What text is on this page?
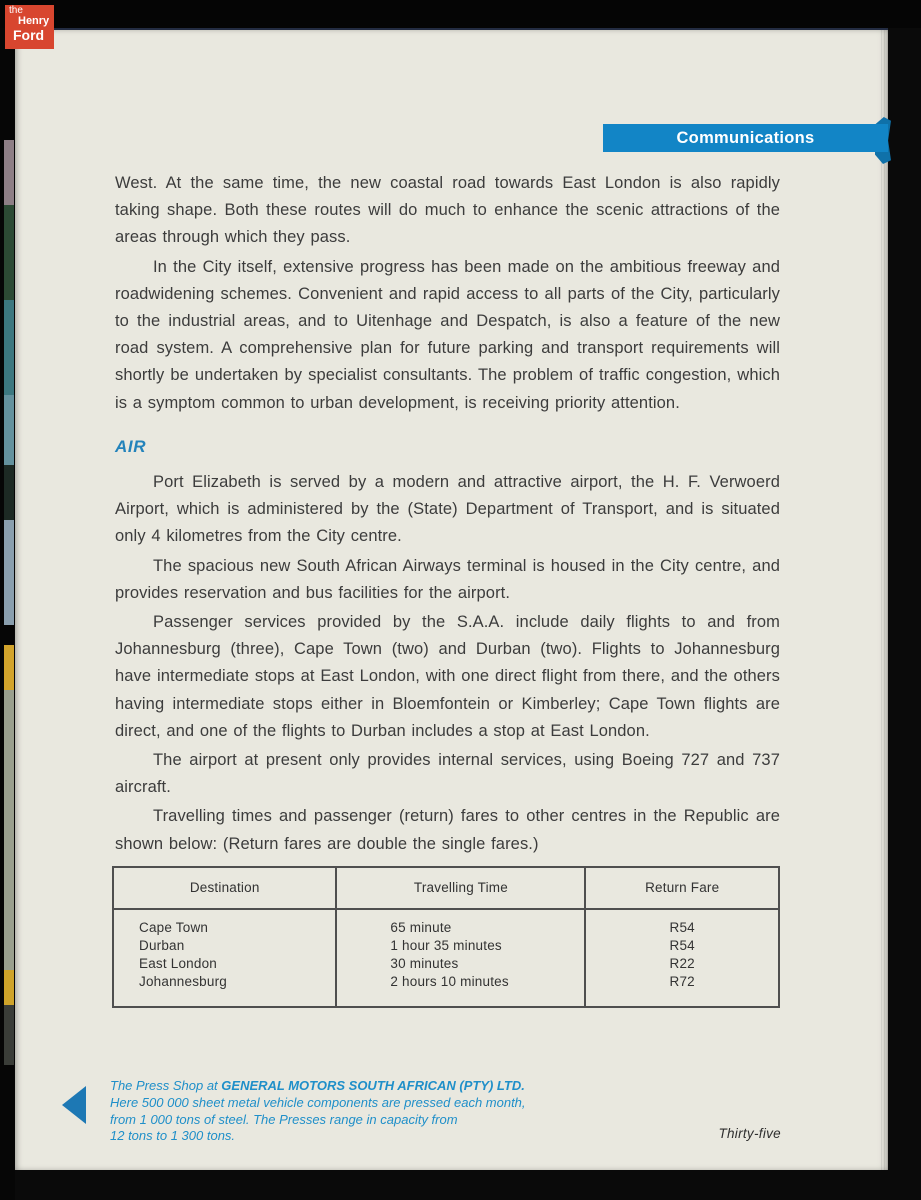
the
Henry
Ford
Communications

West. At the same time, the new coastal road towards East London is also rapidly taking shape. Both these routes will do much to enhance the scenic attractions of the areas through which they pass.

In the City itself, extensive progress has been made on the ambitious freeway and roadwidening schemes. Convenient and rapid access to all parts of the City, particularly to the industrial areas, and to Uitenhage and Despatch, is also a feature of the new road system. A comprehensive plan for future parking and transport requirements will shortly be undertaken by specialist consultants. The problem of traffic congestion, which is a symptom common to urban development, is receiving priority attention.

AIR

Port Elizabeth is served by a modern and attractive airport, the H. F. Verwoerd Airport, which is administered by the (State) Department of Transport, and is situated only 4 kilometres from the City centre.

The spacious new South African Airways terminal is housed in the City centre, and provides reservation and bus facilities for the airport.

Passenger services provided by the S.A.A. include daily flights to and from Johannesburg (three), Cape Town (two) and Durban (two). Flights to Johannesburg have intermediate stops at East London, with one direct flight from there, and the others having intermediate stops either in Bloemfontein or Kimberley; Cape Town flights are direct, and one of the flights to Durban includes a stop at East London.

The airport at present only provides internal services, using Boeing 727 and 737 aircraft.

Travelling times and passenger (return) fares to other centres in the Republic are shown below: (Return fares are double the single fares.)

Destination	Travelling Time	Return Fare
Cape Town	65 minute	R54
Durban	1 hour 35 minutes	R54
East London	30 minutes	R22
Johannesburg	2 hours 10 minutes	R72
The Press Shop at GENERAL MOTORS SOUTH AFRICAN (PTY) LTD.
Here 500 000 sheet metal vehicle components are pressed each month,
from 1 000 tons of steel. The Presses range in capacity from
12 tons to 1 300 tons.	Thirty-five
